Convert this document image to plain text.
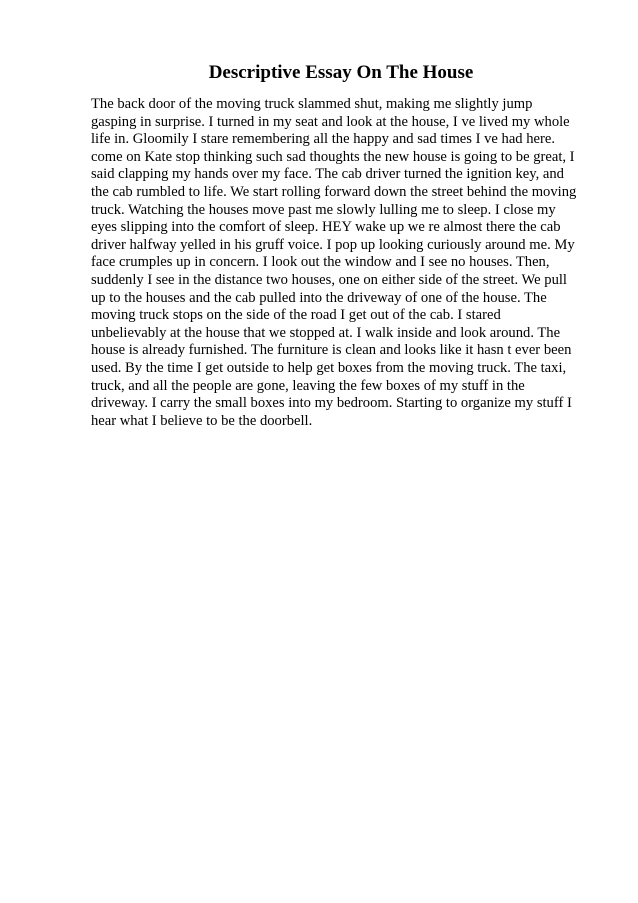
Descriptive Essay On The House
The back door of the moving truck slammed shut, making me slightly jump
gasping in surprise. I turned in my seat and look at the house, I ve lived my whole
life in. Gloomily I stare remembering all the happy and sad times I ve had here.
come on Kate stop thinking such sad thoughts the new house is going to be great, I
said clapping my hands over my face. The cab driver turned the ignition key, and
the cab rumbled to life. We start rolling forward down the street behind the moving
truck. Watching the houses move past me slowly lulling me to sleep. I close my
eyes slipping into the comfort of sleep. HEY wake up we re almost there the cab
driver halfway yelled in his gruff voice. I pop up looking curiously around me. My
face crumples up in concern. I look out the window and I see no houses. Then,
suddenly I see in the distance two houses, one on either side of the street. We pull
up to the houses and the cab pulled into the driveway of one of the house. The
moving truck stops on the side of the road I get out of the cab. I stared
unbelievably at the house that we stopped at. I walk inside and look around. The
house is already furnished. The furniture is clean and looks like it hasn t ever been
used. By the time I get outside to help get boxes from the moving truck. The taxi,
truck, and all the people are gone, leaving the few boxes of my stuff in the
driveway. I carry the small boxes into my bedroom. Starting to organize my stuff I
hear what I believe to be the doorbell.
